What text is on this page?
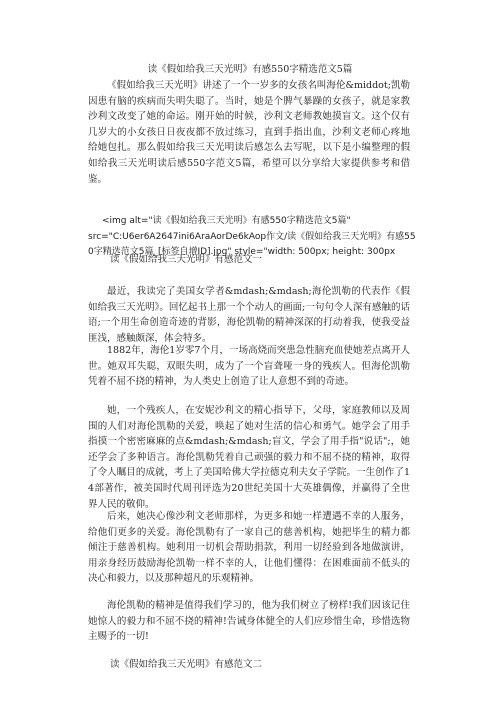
读《假如给我三天光明》有感550字精选范文5篇
《假如给我三天光明》讲述了一个一岁多的女孩名叫海伦&middot;凯勒因患有脑的疾病而失明失聪了。当时，她是个脾气暴躁的女孩子，就是家教沙利文改变了她的命运。刚开始的时候，沙利文老师教她摸盲文。这个仅有几岁大的小女孩日日夜夜都不放过练习，直到手指出血，沙利文老师心疼地给她包扎。那么假如给我三天光明读后感怎么去写呢，以下是小编整理的假如给我三天光明读后感550字范文5篇，希望可以分享给大家提供参考和借鉴。
<img alt="读《假如给我三天光明》有感550字精选范文5篇"
src="C:U6er6A2647ini6AraAorDe6kAop作文/读《假如给我三天光明》有感550字精选范文5篇_[标签自增ID].jpg" style="width: 500px; height: 300px
读《假如给我三天光明》有感范文一
最近，我读完了美国女学者&mdash;&mdash;海伦凯勒的代表作《假如给我三天光明》。回忆起书上那一个个动人的画面;一句句令人深有感触的话语;一个用生命创造奇迹的背影，海伦凯勒的精神深深的打动着我，使我受益匪浅，感触颇深，体会特多。
1882年，海伦1岁零7个月，一场高烧而突患急性脑充血使她差点离开人世。她双耳失聪，双眼失明，成为了一个盲聋哑一身的残疾人。但海伦凯勒凭着不屈不挠的精神，为人类史上创造了让人意想不到的奇迹。
她，一个残疾人，在安妮沙利文的精心指导下，父母，家庭教师以及周围的人们对海伦凯勒的关爱，唤起了她对生活的信心和勇气。她学会了用手指摸一个密密麻麻的点&mdash;&mdash;盲文，学会了用手指"说话";，她还学会了多种语言。海伦凯勒凭着自己顽强的毅力和不屈不挠的精神，取得了令人瞩目的成就，考上了美国哈佛大学拉德克利夫女子学院。一生创作了14部著作，被美国时代周刊评选为20世纪美国十大英雄偶像，并赢得了全世界人民的敬仰。
后来，她决心像沙利文老师那样，为更多和她一样遭遇不幸的人服务，给他们更多的关爱。海伦凯勒有了一家自己的慈善机构，她把毕生的精力都倾注于慈善机构。她利用一切机会帮助捐款，利用一切经验到各地做演讲，用亲身经历鼓励海伦凯勒一样不幸的人，让他们懂得：在困难面前不低头的决心和毅力，以及那种超凡的乐观精神。
海伦凯勒的精神是值得我们学习的，他为我们树立了榜样!我们因该记住她惊人的毅力和不屈不挠的精神!告诫身体健全的人们应珍惜生命，珍惜选物主赐予的一切!
读《假如给我三天光明》有感范文二
